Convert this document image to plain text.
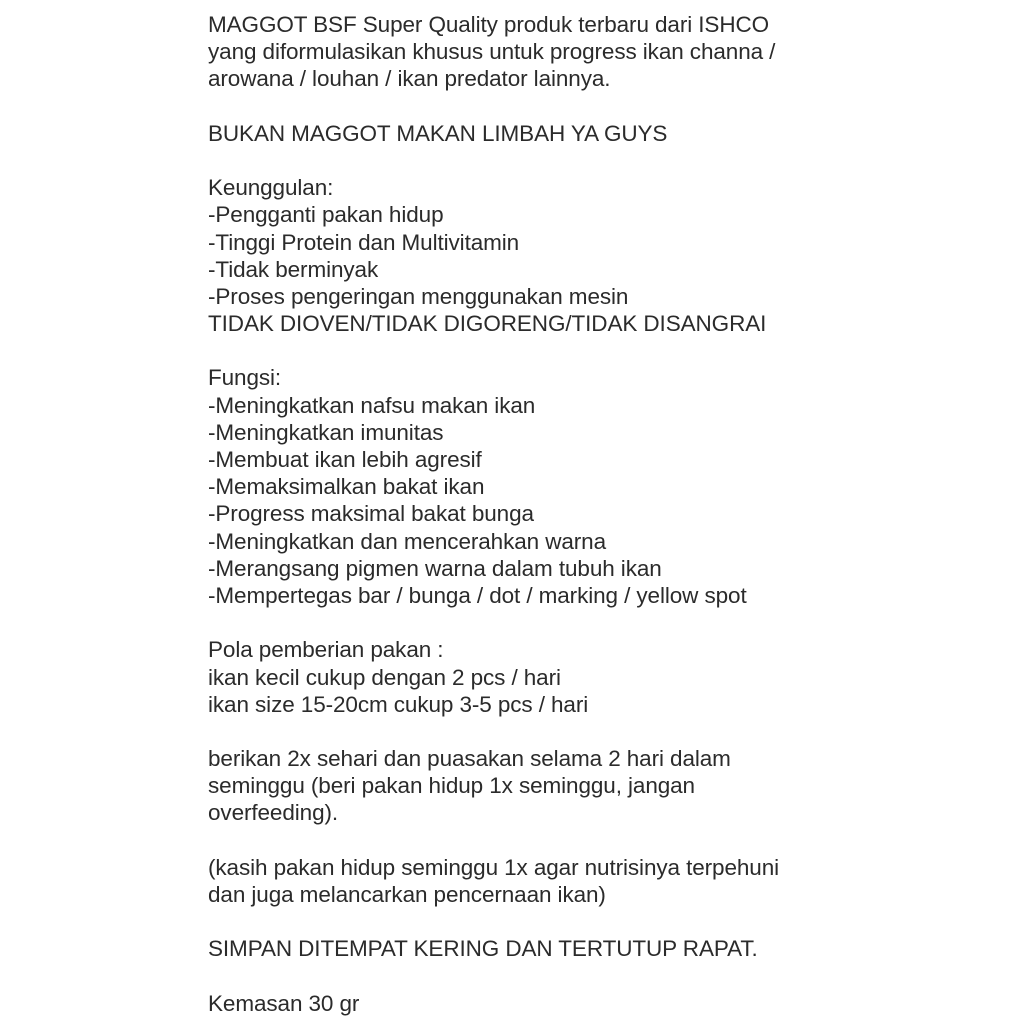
MAGGOT BSF Super Quality produk terbaru dari ISHCO
yang diformulasikan khusus untuk progress ikan channa /
arowana / louhan / ikan predator lainnya.
BUKAN MAGGOT MAKAN LIMBAH YA GUYS
Keunggulan:
-Pengganti pakan hidup
-Tinggi Protein dan Multivitamin
-Tidak berminyak
-Proses pengeringan menggunakan mesin
TIDAK DIOVEN/TIDAK DIGORENG/TIDAK DISANGRAI
Fungsi:
-Meningkatkan nafsu makan ikan
-Meningkatkan imunitas
-Membuat ikan lebih agresif
-Memaksimalkan bakat ikan
-Progress maksimal bakat bunga
-Meningkatkan dan mencerahkan warna
-Merangsang pigmen warna dalam tubuh ikan
-Mempertegas bar / bunga / dot / marking / yellow spot
Pola pemberian pakan :
ikan kecil cukup dengan 2 pcs / hari
ikan size 15-20cm cukup 3-5 pcs / hari
berikan 2x sehari dan puasakan selama 2 hari dalam
seminggu (beri pakan hidup 1x seminggu, jangan
overfeeding).
(kasih pakan hidup seminggu 1x agar nutrisinya terpehuni
dan juga melancarkan pencernaan ikan)
SIMPAN DITEMPAT KERING DAN TERTUTUP RAPAT.
Kemasan 30 gr
